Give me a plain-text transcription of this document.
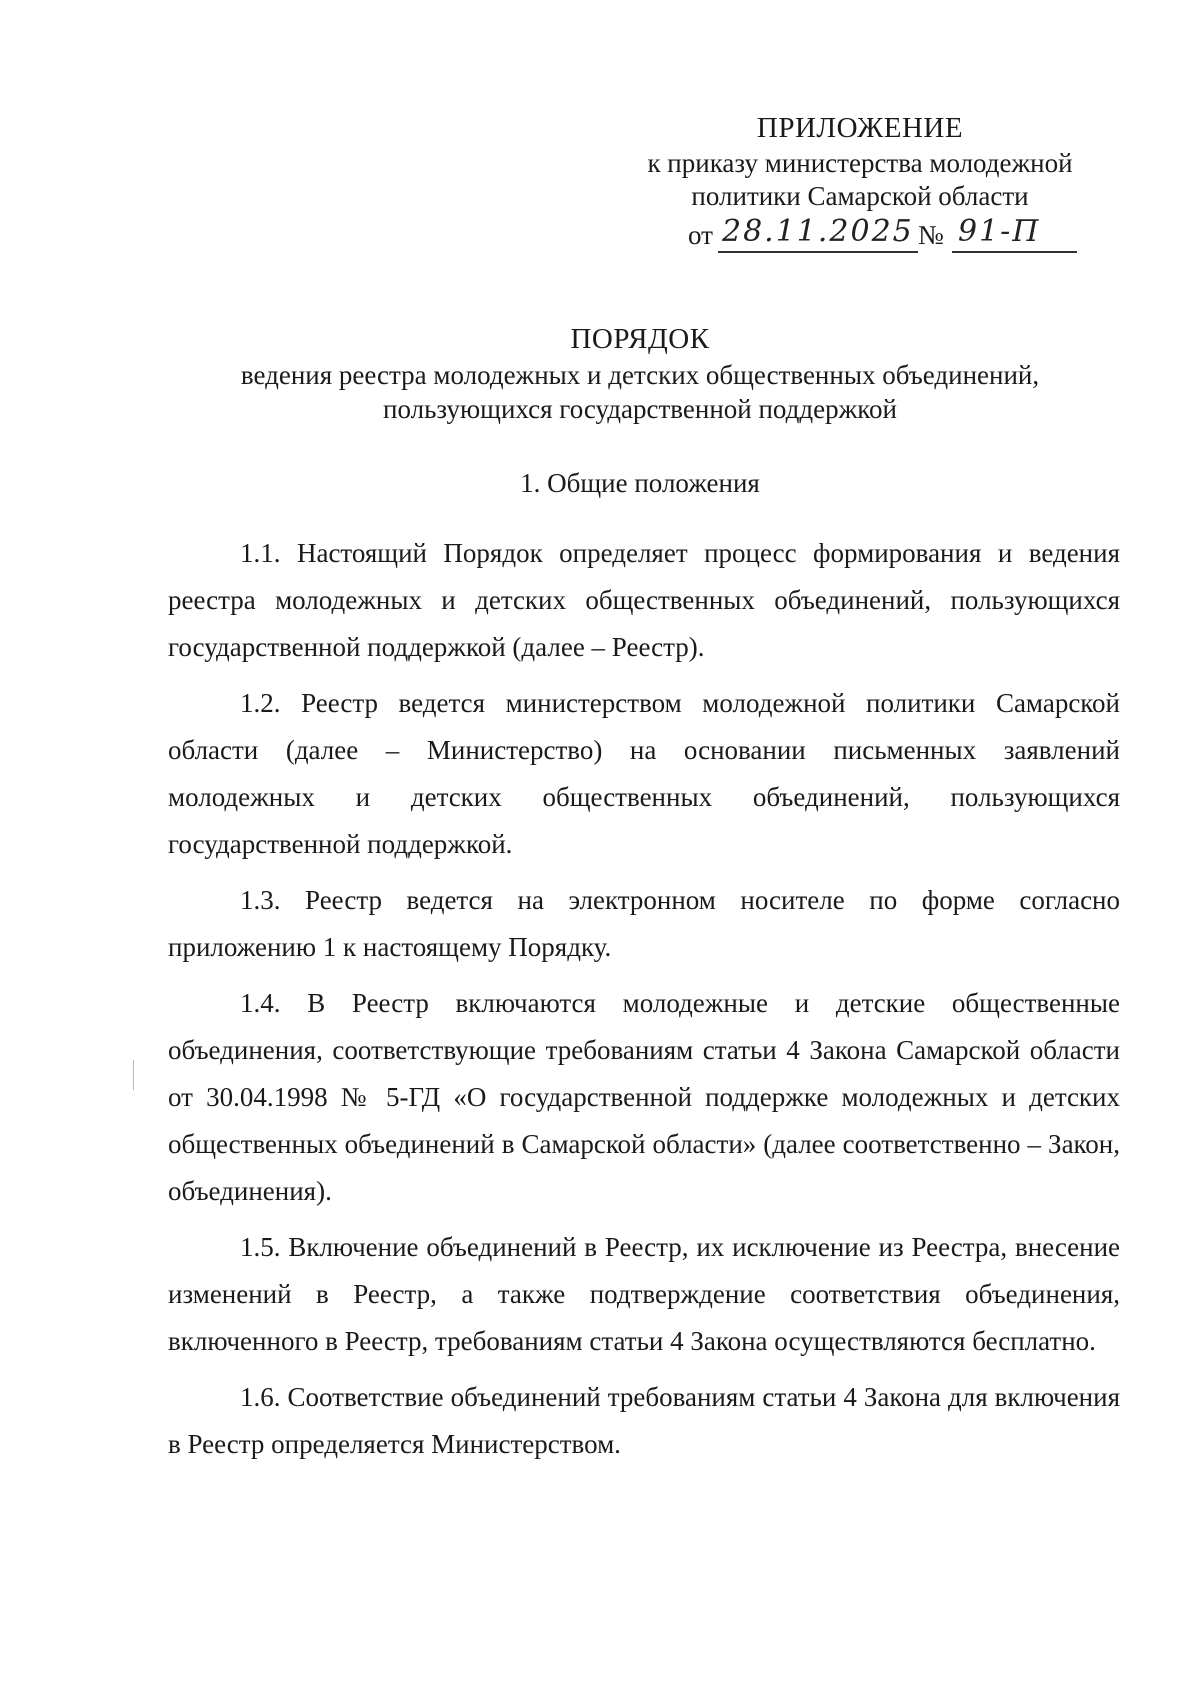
ПРИЛОЖЕНИЕ
к приказу министерства молодежной
политики Самарской области
от 28.11.2025 № 91-П
ПОРЯДОК
ведения реестра молодежных и детских общественных объединений,
пользующихся государственной поддержкой
1. Общие положения

1.1. Настоящий Порядок определяет процесс формирования и ведения реестра молодежных и детских общественных объединений, пользующихся государственной поддержкой (далее – Реестр).

1.2. Реестр ведется министерством молодежной политики Самарской области (далее – Министерство) на основании письменных заявлений молодежных и детских общественных объединений, пользующихся государственной поддержкой.

1.3. Реестр ведется на электронном носителе по форме согласно приложению 1 к настоящему Порядку.

1.4. В Реестр включаются молодежные и детские общественные объединения, соответствующие требованиям статьи 4 Закона Самарской области от 30.04.1998 № 5-ГД «О государственной поддержке молодежных и детских общественных объединений в Самарской области» (далее соответственно – Закон, объединения).

1.5. Включение объединений в Реестр, их исключение из Реестра, внесение изменений в Реестр, а также подтверждение соответствия объединения, включенного в Реестр, требованиям статьи 4 Закона осуществляются бесплатно.

1.6. Соответствие объединений требованиям статьи 4 Закона для включения в Реестр определяется Министерством.
